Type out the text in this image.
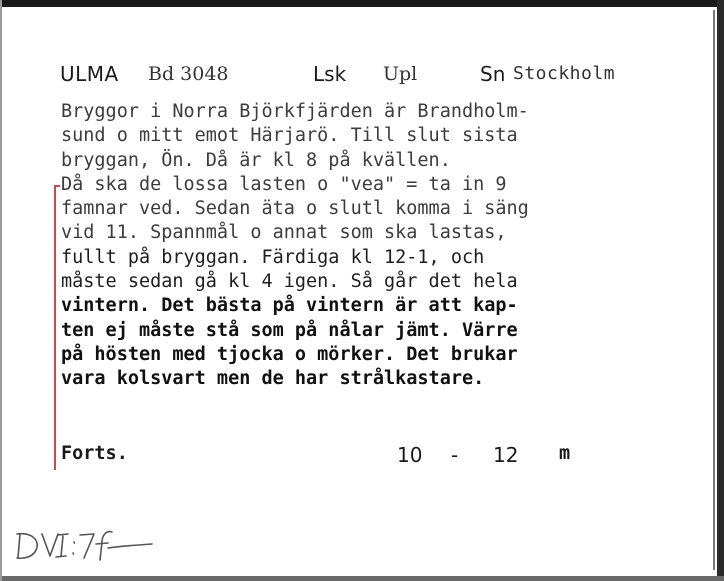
ULMA Bd 3048	Lsk Upl	Sn Stockholm
Bryggor i Norra Björkfjärden är Brandholm-
sund o mitt emot Härjarö. Till slut sista
bryggan, Ön. Då är kl 8 på kvällen.
Då ska de lossa lasten o "vea" = ta in 9
famnar ved. Sedan äta o slutl komma i säng
vid 11. Spannmål o annat som ska lastas,
fullt på bryggan. Färdiga kl 12-1, och
måste sedan gå kl 4 igen. Så går det hela
vintern. Det bästa på vintern är att kap-
ten ej måste stå som på nålar jämt. Värre
på hösten med tjocka o mörker. Det brukar
vara kolsvart men de har strålkastare.
Forts.	10 - 12 m
